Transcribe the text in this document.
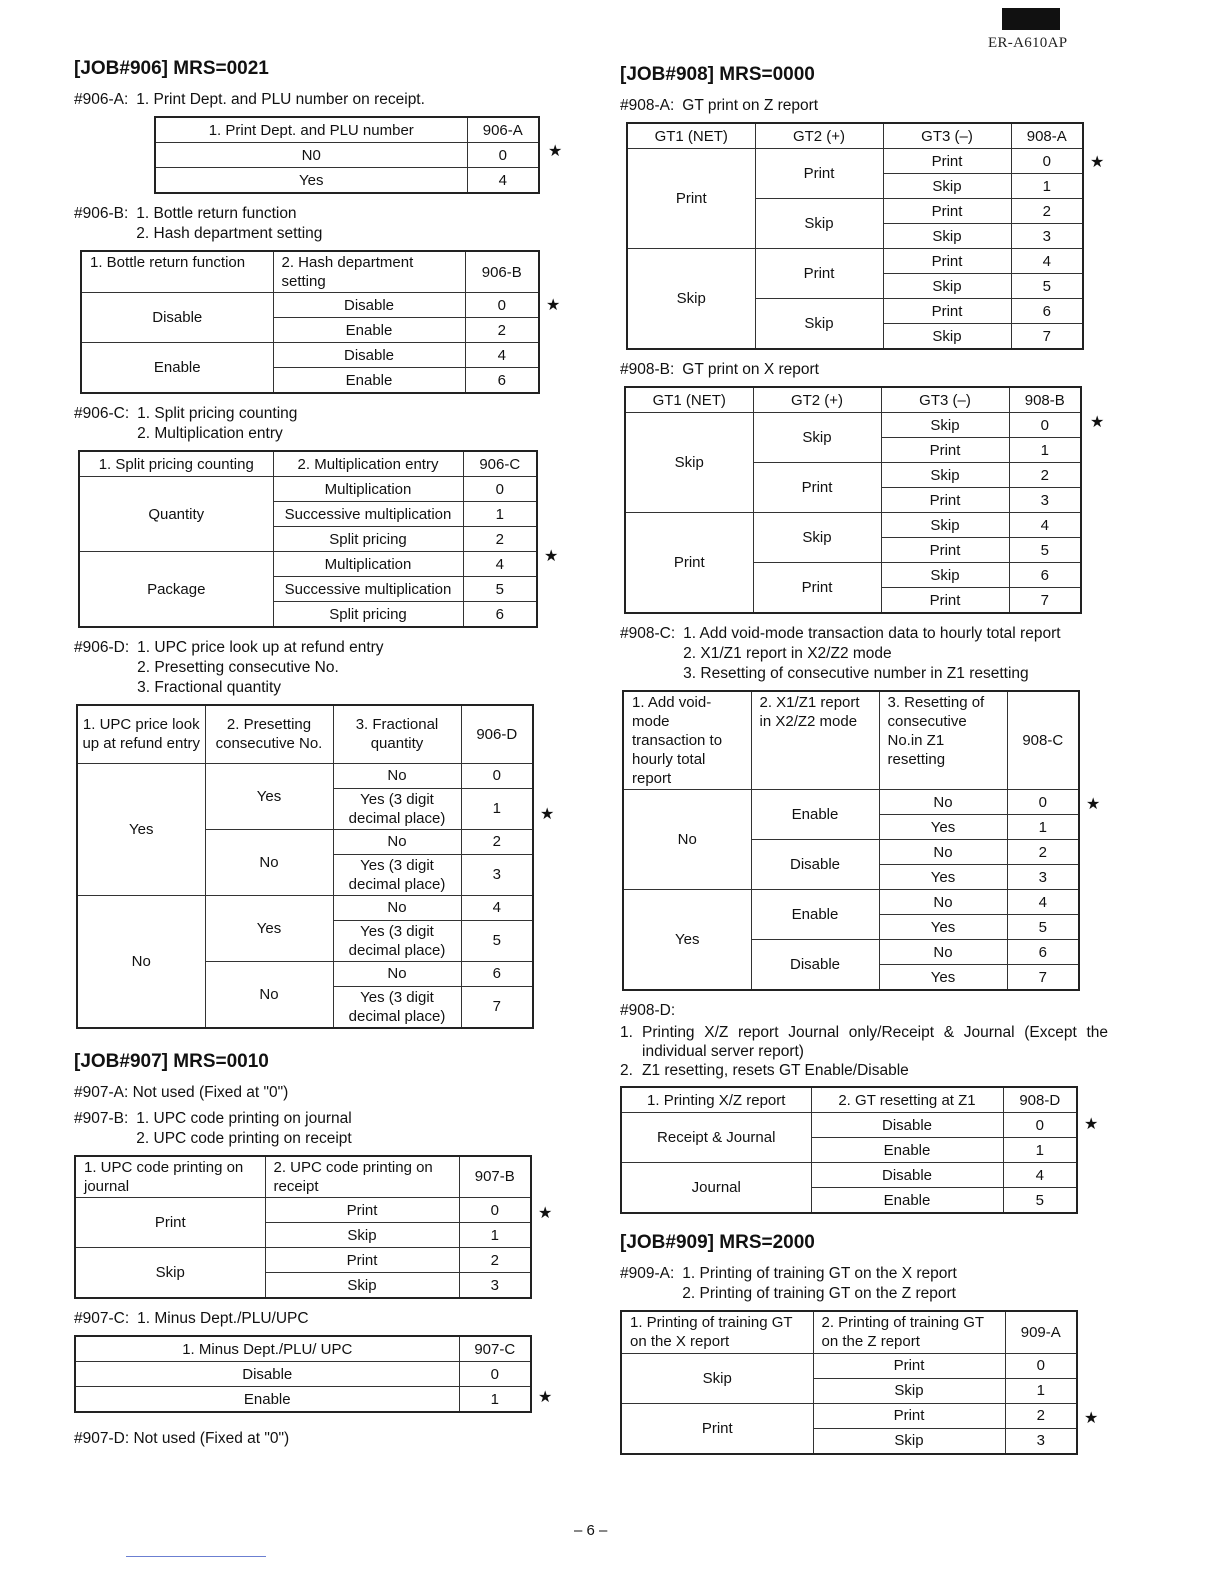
ER-A610AP
[JOB#906] MRS=0021
#906-A: 1. Print Dept. and PLU number on receipt.
1. Print Dept. and PLU number	906-A
N0	0
Yes	4
★
#906-B: 1. Bottle return function
2. Hash department setting
1. Bottle return function	2. Hash department setting	906-B
Disable	Disable	0
	Enable	2
Enable	Disable	4
	Enable	6
★
#906-C: 1. Split pricing counting
2. Multiplication entry
1. Split pricing counting	2. Multiplication entry	906-C
Quantity	Multiplication	0
	Successive multiplication	1
	Split pricing	2
Package	Multiplication	4
	Successive multiplication	5
	Split pricing	6
★
#906-D: 1. UPC price look up at refund entry
2. Presetting consecutive No.
3. Fractional quantity
1. UPC price look up at refund entry	2. Presetting consecutive No.	3. Fractional quantity	906-D
Yes	Yes	No	0
		Yes (3 digit decimal place)	1
	No	No	2
		Yes (3 digit decimal place)	3
No	Yes	No	4
		Yes (3 digit decimal place)	5
	No	No	6
		Yes (3 digit decimal place)	7
★
[JOB#907] MRS=0010
#907-A: Not used (Fixed at "0")
#907-B: 1. UPC code printing on journal
2. UPC code printing on receipt
1. UPC code printing on journal	2. UPC code printing on receipt	907-B
Print	Print	0
	Skip	1
Skip	Print	2
	Skip	3
★
#907-C: 1. Minus Dept./PLU/UPC
1. Minus Dept./PLU/ UPC	907-C
Disable	0
Enable	1 ★
#907-D: Not used (Fixed at "0")
[JOB#908] MRS=0000
#908-A: GT print on Z report
GT1 (NET)	GT2 (+)	GT3 (–)	908-A
Print	Print	Print	0
		Skip	1
	Skip	Print	2
		Skip	3
Skip	Print	Print	4
		Skip	5
	Skip	Print	6
		Skip	7
★
#908-B: GT print on X report
GT1 (NET)	GT2 (+)	GT3 (–)	908-B
Skip	Skip	Skip	0
		Print	1
	Print	Skip	2
		Print	3
Print	Skip	Skip	4
		Print	5
	Print	Skip	6
		Print	7
★
#908-C: 1. Add void-mode transaction data to hourly total report
2. X1/Z1 report in X2/Z2 mode
3. Resetting of consecutive number in Z1 resetting
1. Add void-mode transaction to hourly total report	2. X1/Z1 report in X2/Z2 mode	3. Resetting of consecutive No.in Z1 resetting	908-C
No	Enable	No	0
		Yes	1
	Disable	No	2
		Yes	3
Yes	Enable	No	4
		Yes	5
	Disable	No	6
		Yes	7
★
#908-D:
1. Printing X/Z report Journal only/Receipt & Journal (Except the individual server report)
2. Z1 resetting, resets GT Enable/Disable
1. Printing X/Z report	2. GT resetting at Z1	908-D
Receipt & Journal	Disable	0
	Enable	1
Journal	Disable	4
	Enable	5
★
[JOB#909] MRS=2000
#909-A: 1. Printing of training GT on the X report
2. Printing of training GT on the Z report
1. Printing of training GT on the X report	2. Printing of training GT on the Z report	909-A
Skip	Print	0
	Skip	1
Print	Print	2
	Skip	3
★
– 6 –
